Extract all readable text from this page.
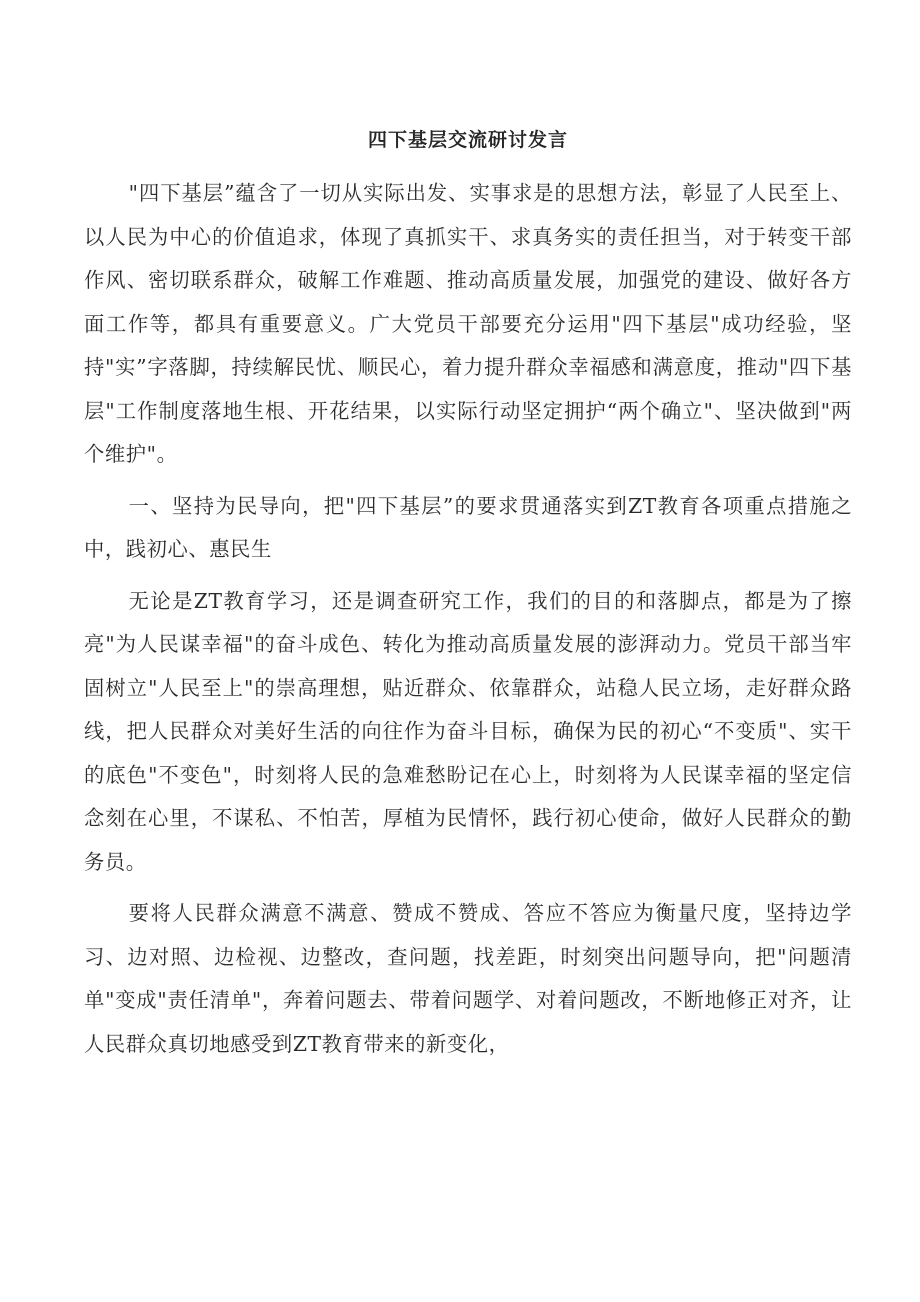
四下基层交流研讨发言

"四下基层”蕴含了一切从实际出发、实事求是的思想方法，彰显了人民至上、以人民为中心的价值追求，体现了真抓实干、求真务实的责任担当，对于转变干部作风、密切联系群众，破解工作难题、推动高质量发展，加强党的建设、做好各方面工作等，都具有重要意义。广大党员干部要充分运用"四下基层"成功经验，坚持"实”字落脚，持续解民忧、顺民心，着力提升群众幸福感和满意度，推动"四下基层"工作制度落地生根、开花结果，以实际行动坚定拥护“两个确立"、坚决做到"两个维护"。

一、坚持为民导向，把"四下基层”的要求贯通落实到ZT教育各项重点措施之中，践初心、惠民生

无论是ZT教育学习，还是调查研究工作，我们的目的和落脚点，都是为了擦亮"为人民谋幸福"的奋斗成色、转化为推动高质量发展的澎湃动力。党员干部当牢固树立"人民至上"的崇高理想，贴近群众、依靠群众，站稳人民立场，走好群众路线，把人民群众对美好生活的向往作为奋斗目标，确保为民的初心“不变质"、实干的底色"不变色"，时刻将人民的急难愁盼记在心上，时刻将为人民谋幸福的坚定信念刻在心里，不谋私、不怕苦，厚植为民情怀，践行初心使命，做好人民群众的勤务员。

要将人民群众满意不满意、赞成不赞成、答应不答应为衡量尺度，坚持边学习、边对照、边检视、边整改，查问题，找差距，时刻突出问题导向，把"问题清单"变成"责任清单"，奔着问题去、带着问题学、对着问题改，不断地修正对齐，让人民群众真切地感受到ZT教育带来的新变化，
